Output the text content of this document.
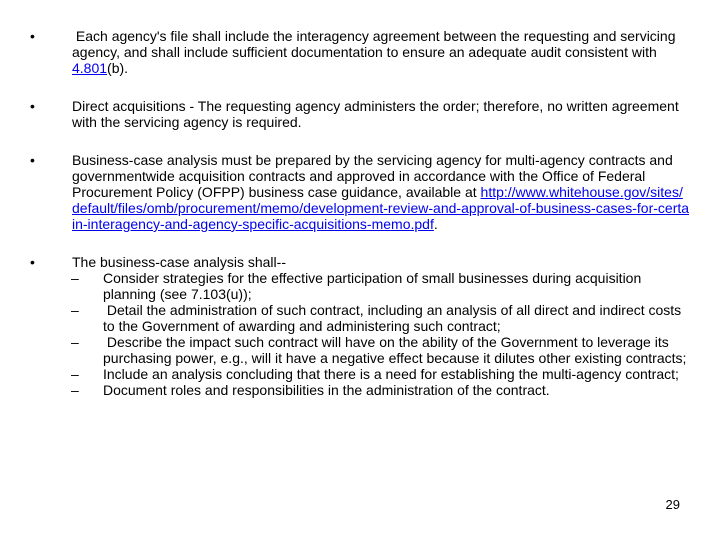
•	Each agency's file shall include the interagency agreement between the requesting and servicing agency, and shall include sufficient documentation to ensure an adequate audit consistent with 4.801(b).

•	Direct acquisitions - The requesting agency administers the order; therefore, no written agreement with the servicing agency is required.

•	Business-case analysis must be prepared by the servicing agency for multi-agency contracts and governmentwide acquisition contracts and approved in accordance with the Office of Federal Procurement Policy (OFPP) business case guidance, available at http://www.whitehouse.gov/sites/default/files/omb/procurement/memo/development-review-and-approval-of-business-cases-for-certain-interagency-and-agency-specific-acquisitions-memo.pdf.

•	The business-case analysis shall--

–	Consider strategies for the effective participation of small businesses during acquisition planning (see 7.103(u));
–	Detail the administration of such contract, including an analysis of all direct and indirect costs to the Government of awarding and administering such contract;
–	Describe the impact such contract will have on the ability of the Government to leverage its purchasing power, e.g., will it have a negative effect because it dilutes other existing contracts;
–	Include an analysis concluding that there is a need for establishing the multi-agency contract;
–	Document roles and responsibilities in the administration of the contract.
29
